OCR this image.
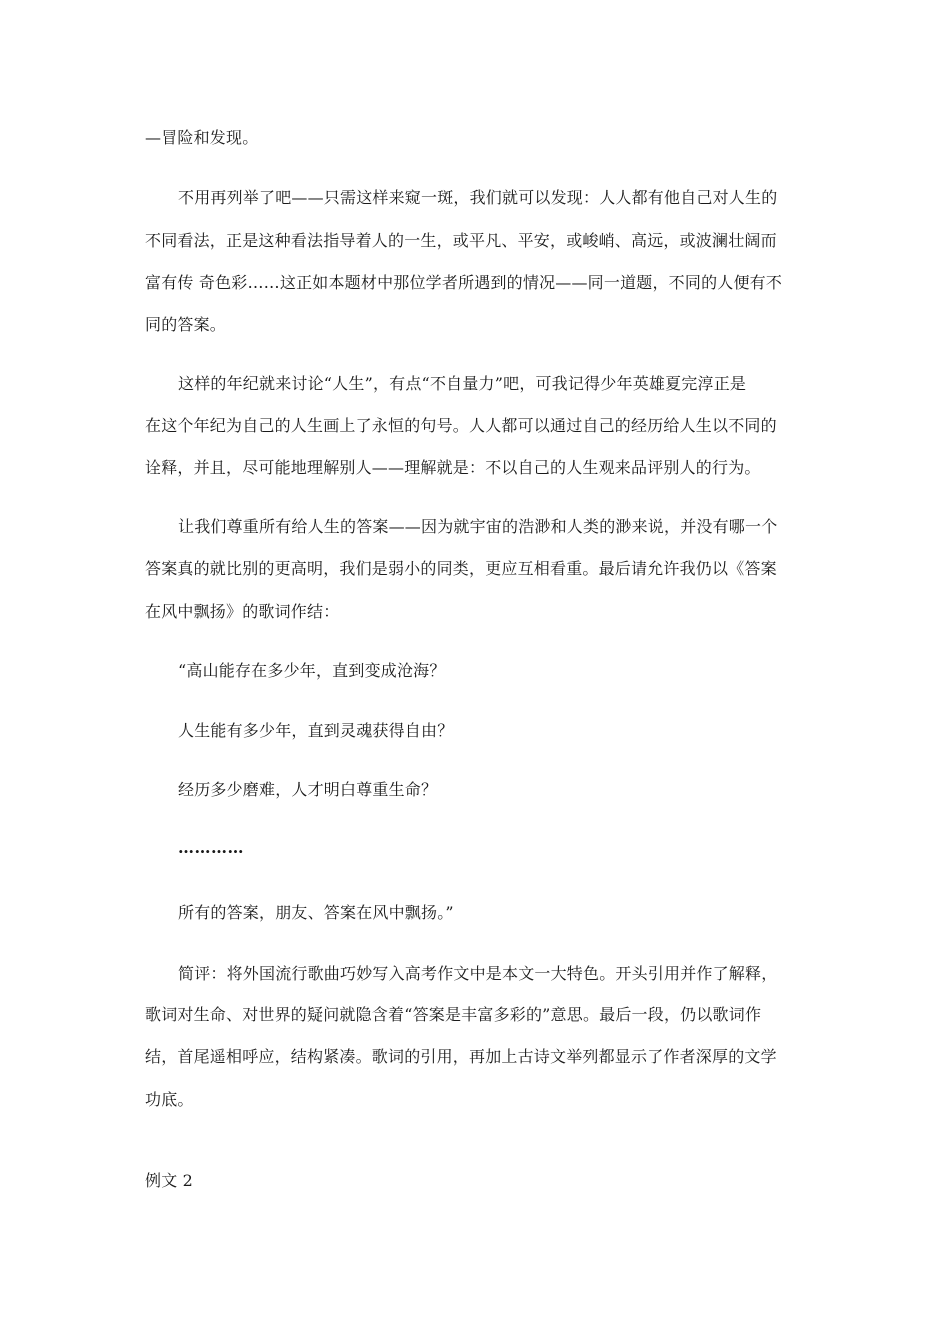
—冒险和发现。
不用再列举了吧——只需这样来窥一斑，我们就可以发现：人人都有他自己对人生的
不同看法，正是这种看法指导着人的一生，或平凡、平安，或峻峭、高远，或波澜壮阔而
富有传 奇色彩……这正如本题材中那位学者所遇到的情况——同一道题，不同的人便有不
同的答案。
这样的年纪就来讨论“人生”，有点“不自量力”吧，可我记得少年英雄夏完淳正是
在这个年纪为自己的人生画上了永恒的句号。人人都可以通过自己的经历给人生以不同的
诠释，并且，尽可能地理解别人——理解就是：不以自己的人生观来品评别人的行为。
让我们尊重所有给人生的答案——因为就宇宙的浩渺和人类的渺来说，并没有哪一个
答案真的就比别的更高明，我们是弱小的同类，更应互相看重。最后请允许我仍以《答案
在风中飘扬》的歌词作结：
“高山能存在多少年，直到变成沧海？
人生能有多少年，直到灵魂获得自由？
经历多少磨难，人才明白尊重生命？
…………
所有的答案，朋友、答案在风中飘扬。”
简评：将外国流行歌曲巧妙写入高考作文中是本文一大特色。开头引用并作了解释，
歌词对生命、对世界的疑问就隐含着“答案是丰富多彩的”意思。最后一段，仍以歌词作
结，首尾遥相呼应，结构紧凑。歌词的引用，再加上古诗文举列都显示了作者深厚的文学
功底。
例文 2
